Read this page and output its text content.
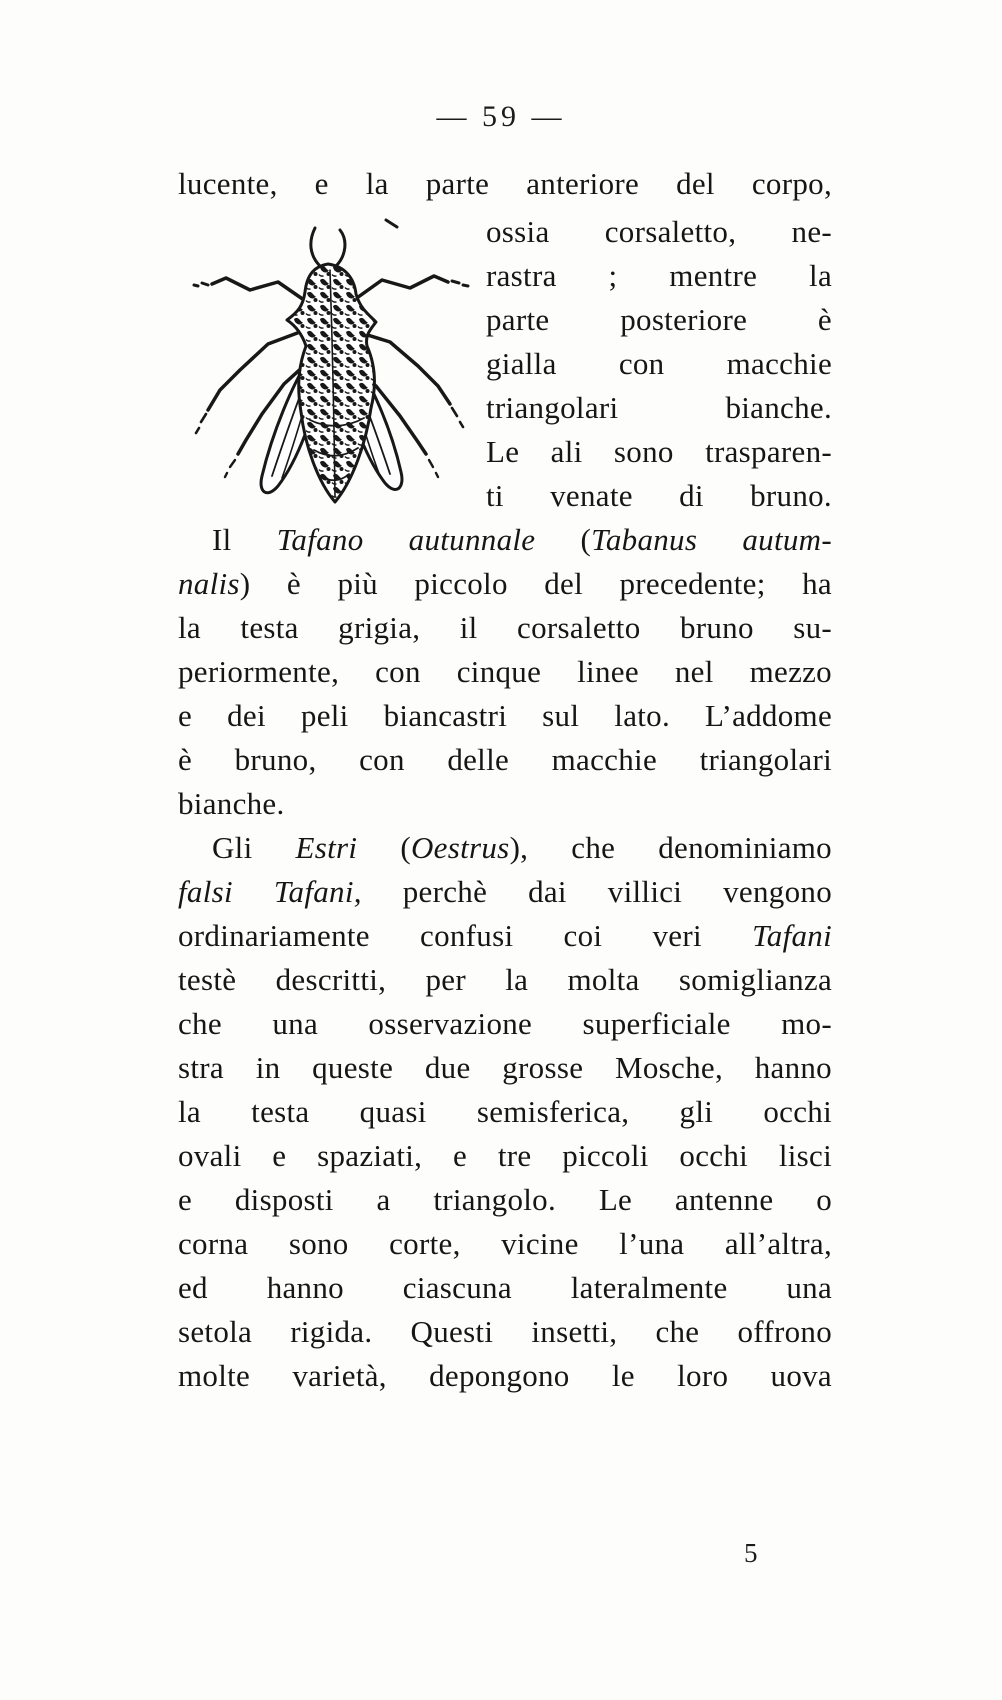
— 59 —
lucente, e la parte anteriore del corpo,
ossia corsaletto, ne-
rastra ; mentre la
parte posteriore è
gialla con macchie
triangolari bianche.
Le ali sono trasparen-
ti venate di bruno.
Il Tafano autunnale (Tabanus autum-
nalis) è più piccolo del precedente; ha
la testa grigia, il corsaletto bruno su-
periormente, con cinque linee nel mezzo
e dei peli biancastri sul lato. L’addome
è bruno, con delle macchie triangolari
bianche.
Gli Estri (Oestrus), che denominiamo
falsi Tafani, perchè dai villici vengono
ordinariamente confusi coi veri Tafani
testè descritti, per la molta somiglianza
che una osservazione superficiale mo-
stra in queste due grosse Mosche, hanno
la testa quasi semisferica, gli occhi
ovali e spaziati, e tre piccoli occhi lisci
e disposti a triangolo. Le antenne o
corna sono corte, vicine l’una all’altra,
ed hanno ciascuna lateralmente una
setola rigida. Questi insetti, che offrono
molte varietà, depongono le loro uova
5
